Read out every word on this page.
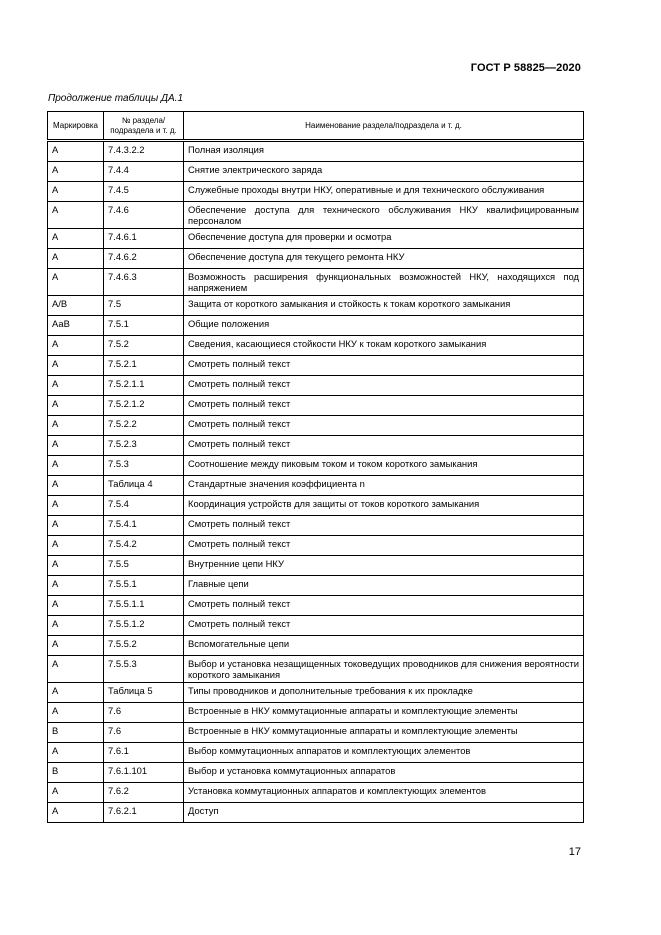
ГОСТ Р 58825—2020
Продолжение таблицы ДА.1
Маркировка	№ раздела/ подраздела и т. д.	Наименование раздела/подраздела и т. д.
А	7.4.3.2.2	Полная изоляция
А	7.4.4	Снятие электрического заряда
А	7.4.5	Служебные проходы внутри НКУ, оперативные и для технического обслуживания
А	7.4.6	Обеспечение доступа для технического обслуживания НКУ квалифицированным персоналом
А	7.4.6.1	Обеспечение доступа для проверки и осмотра
А	7.4.6.2	Обеспечение доступа для текущего ремонта НКУ
А	7.4.6.3	Возможность расширения функциональных возможностей НКУ, находящихся под напряжением
А/В	7.5	Защита от короткого замыкания и стойкость к токам короткого замыкания
АаВ	7.5.1	Общие положения
А	7.5.2	Сведения, касающиеся стойкости НКУ к токам короткого замыкания
А	7.5.2.1	Смотреть полный текст
А	7.5.2.1.1	Смотреть полный текст
А	7.5.2.1.2	Смотреть полный текст
А	7.5.2.2	Смотреть полный текст
А	7.5.2.3	Смотреть полный текст
А	7.5.3	Соотношение между пиковым током и током короткого замыкания
А	Таблица 4	Стандартные значения коэффициента n
А	7.5.4	Координация устройств для защиты от токов короткого замыкания
А	7.5.4.1	Смотреть полный текст
А	7.5.4.2	Смотреть полный текст
А	7.5.5	Внутренние цепи НКУ
А	7.5.5.1	Главные цепи
А	7.5.5.1.1	Смотреть полный текст
А	7.5.5.1.2	Смотреть полный текст
А	7.5.5.2	Вспомогательные цепи
А	7.5.5.3	Выбор и установка незащищенных токоведущих проводников для снижения вероятности короткого замыкания
А	Таблица 5	Типы проводников и дополнительные требования к их прокладке
А	7.6	Встроенные в НКУ коммутационные аппараты и комплектующие элементы
В	7.6	Встроенные в НКУ коммутационные аппараты и комплектующие элементы
А	7.6.1	Выбор коммутационных аппаратов и комплектующих элементов
В	7.6.1.101	Выбор и установка коммутационных аппаратов
А	7.6.2	Установка коммутационных аппаратов и комплектующих элементов
А	7.6.2.1	Доступ
17
